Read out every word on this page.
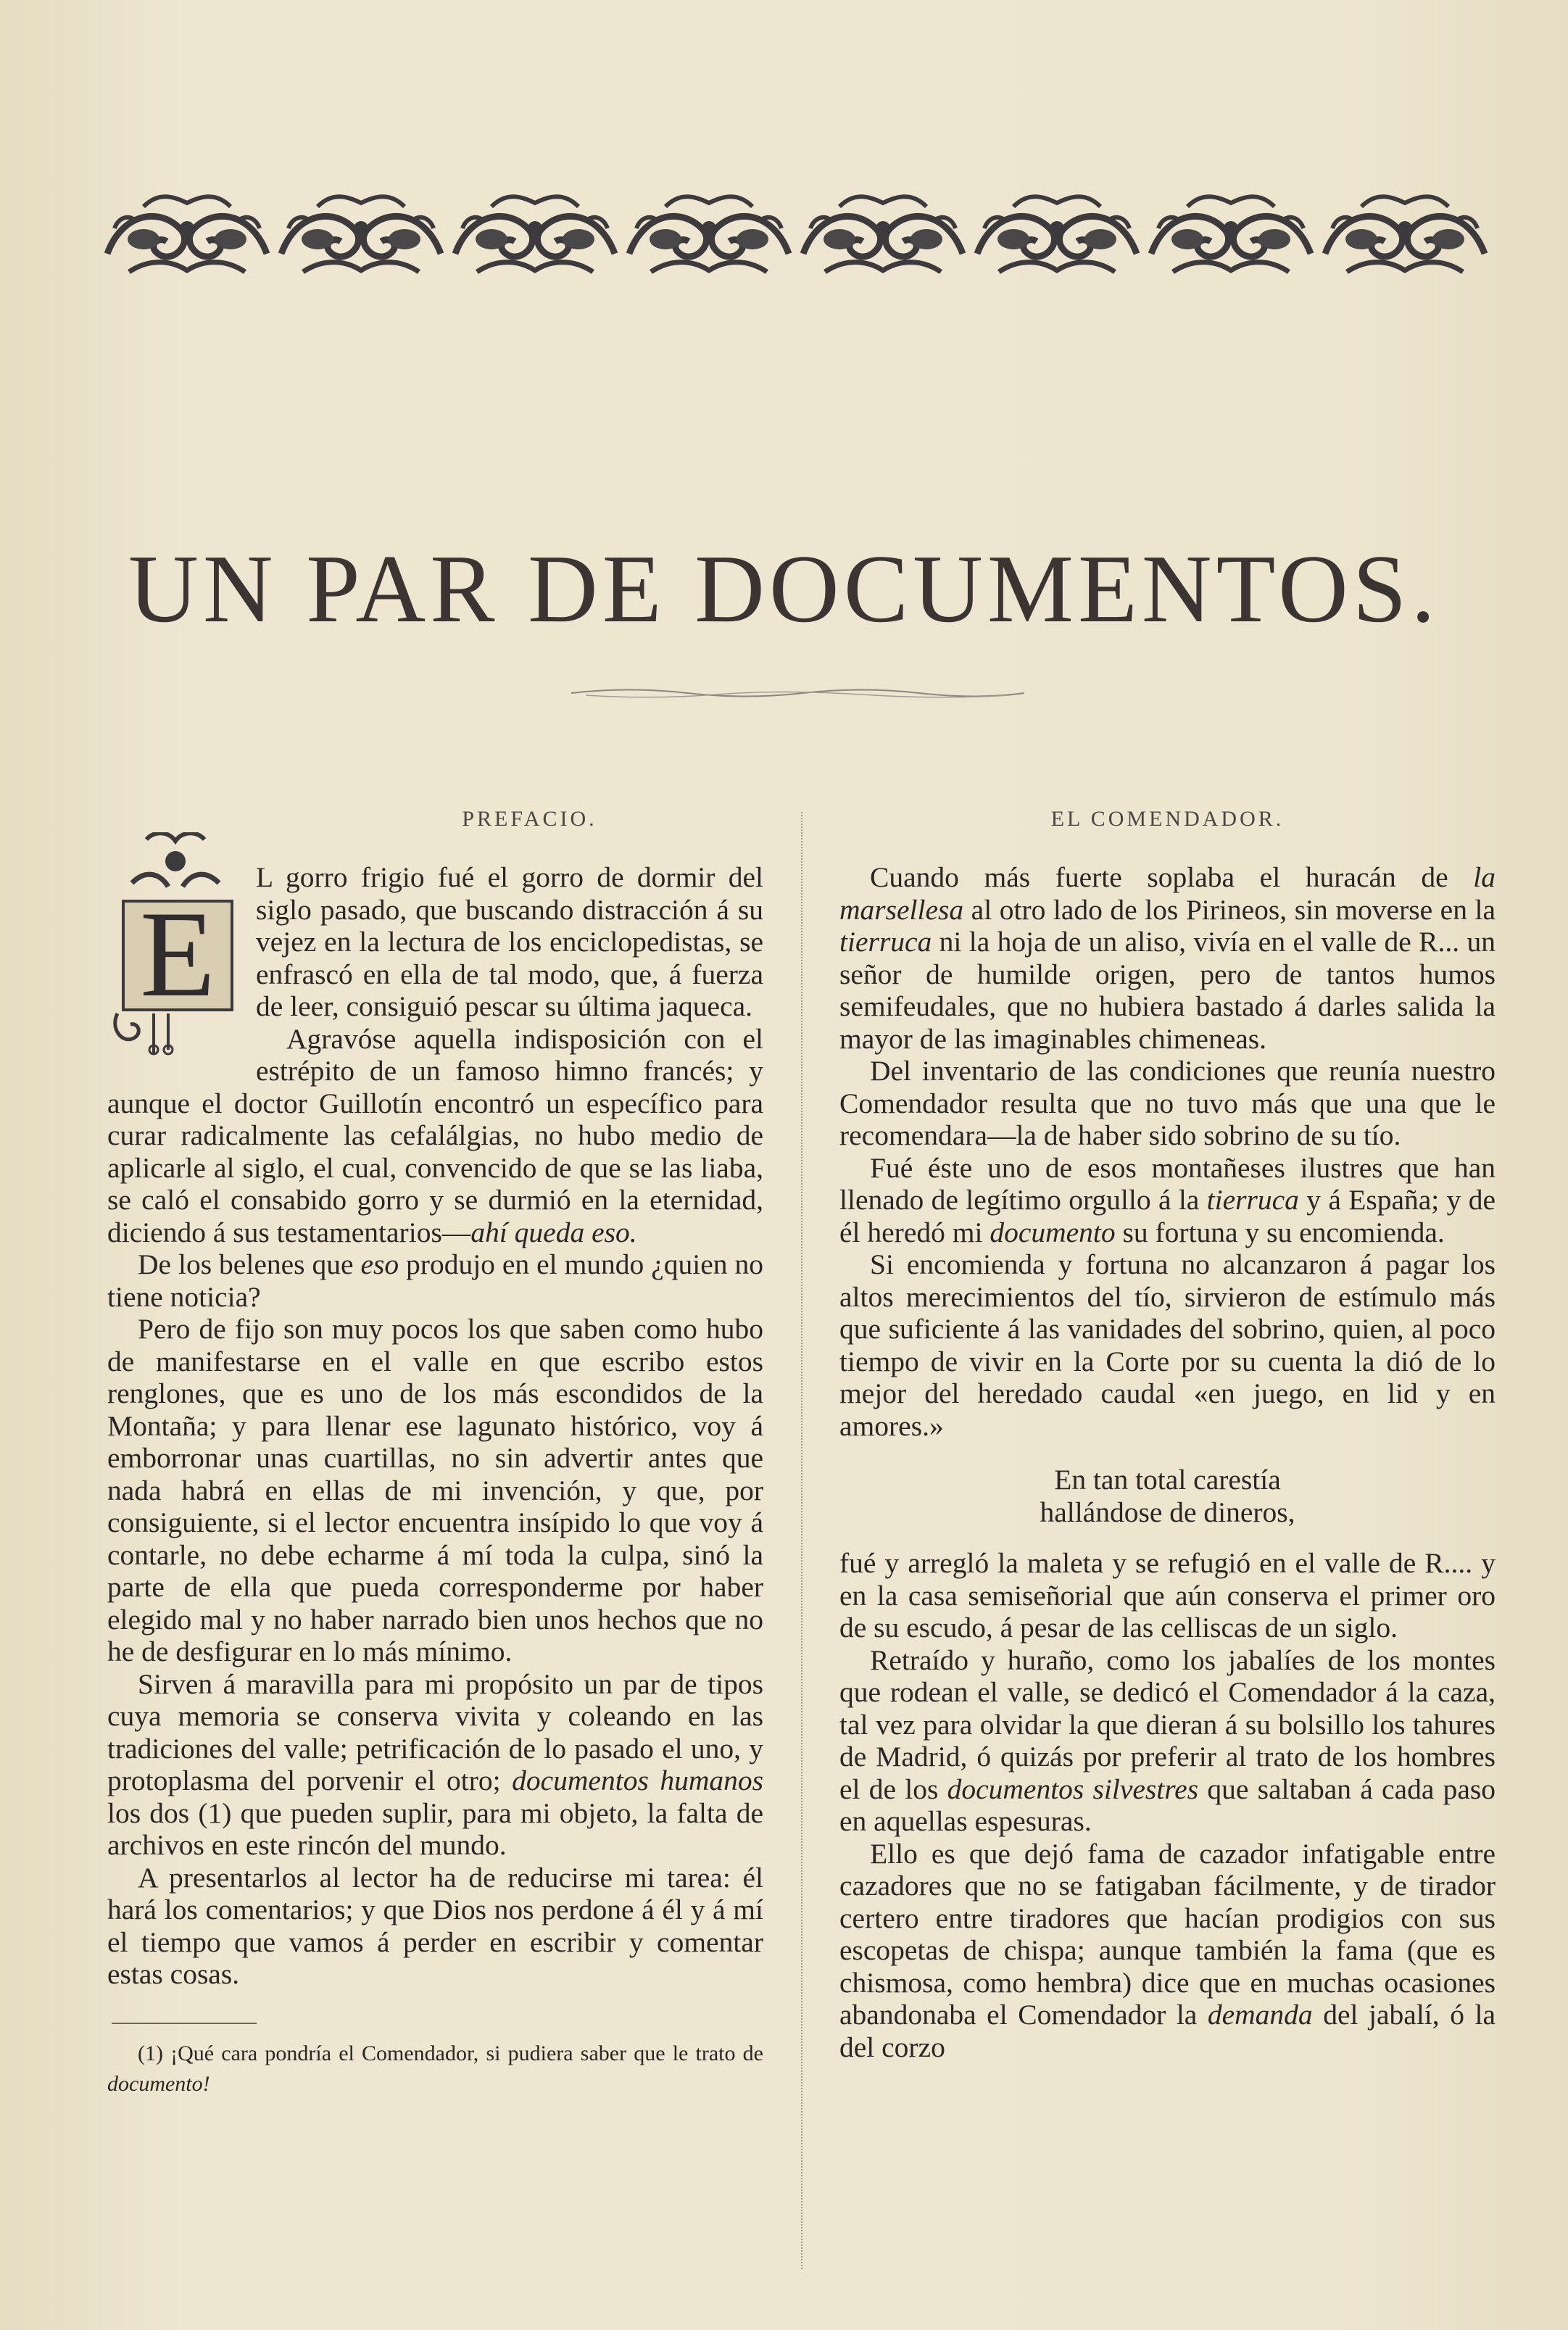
UN PAR DE DOCUMENTOS.
PREFACIO.
E

L gorro frigio fué el gorro de dormir del siglo pasado, que buscando distracción á su vejez en la lectura de los enciclopedistas, se enfrascó en ella de tal modo, que, á fuerza de leer, consiguió pescar su última jaqueca.

Agravóse aquella indisposición con el estrépito de un famoso himno francés; y aunque el doctor Guillotín encontró un específico para curar radicalmente las cefalálgias, no hubo medio de aplicarle al siglo, el cual, convencido de que se las liaba, se caló el consabido gorro y se durmió en la eternidad, diciendo á sus testamentarios—ahí queda eso.

De los belenes que eso produjo en el mundo ¿quien no tiene noticia?

Pero de fijo son muy pocos los que saben como hubo de manifestarse en el valle en que escribo estos renglones, que es uno de los más escondidos de la Montaña; y para llenar ese lagunato histórico, voy á emborronar unas cuartillas, no sin advertir antes que nada habrá en ellas de mi invención, y que, por consiguiente, si el lector encuentra insípido lo que voy á contarle, no debe echarme á mí toda la culpa, sinó la parte de ella que pueda corresponderme por haber elegido mal y no haber narrado bien unos hechos que no he de desfigurar en lo más mínimo.

Sirven á maravilla para mi propósito un par de tipos cuya memoria se conserva vivita y coleando en las tradiciones del valle; petrificación de lo pasado el uno, y protoplasma del porvenir el otro; documentos humanos los dos (1) que pueden suplir, para mi objeto, la falta de archivos en este rincón del mundo.

A presentarlos al lector ha de reducirse mi tarea: él hará los comentarios; y que Dios nos perdone á él y á mí el tiempo que vamos á perder en escribir y comentar estas cosas.

(1) ¡Qué cara pondría el Comendador, si pudiera saber que le trato de documento!

EL COMENDADOR.

Cuando más fuerte soplaba el huracán de la marsellesa al otro lado de los Pirineos, sin moverse en la tierruca ni la hoja de un aliso, vivía en el valle de R... un señor de humilde origen, pero de tantos humos semifeudales, que no hubiera bastado á darles salida la mayor de las imaginables chimeneas.

Del inventario de las condiciones que reunía nuestro Comendador resulta que no tuvo más que una que le recomendara—la de haber sido sobrino de su tío.

Fué éste uno de esos montañeses ilustres que han llenado de legítimo orgullo á la tierruca y á España; y de él heredó mi documento su fortuna y su encomienda.

Si encomienda y fortuna no alcanzaron á pagar los altos merecimientos del tío, sirvieron de estímulo más que suficiente á las vanidades del sobrino, quien, al poco tiempo de vivir en la Corte por su cuenta la dió de lo mejor del heredado caudal «en juego, en lid y en amores.»

En tan total carestía
hallándose de dineros,

fué y arregló la maleta y se refugió en el valle de R.... y en la casa semiseñorial que aún conserva el primer oro de su escudo, á pesar de las celliscas de un siglo.

Retraído y huraño, como los jabalíes de los montes que rodean el valle, se dedicó el Comendador á la caza, tal vez para olvidar la que dieran á su bolsillo los tahures de Madrid, ó quizás por preferir al trato de los hombres el de los documentos silvestres que saltaban á cada paso en aquellas espesuras.

Ello es que dejó fama de cazador infatigable entre cazadores que no se fatigaban fácilmente, y de tirador certero entre tiradores que hacían prodigios con sus escopetas de chispa; aunque también la fama (que es chismosa, como hembra) dice que en muchas ocasiones abandonaba el Comendador la demanda del jabalí, ó la del corzo
